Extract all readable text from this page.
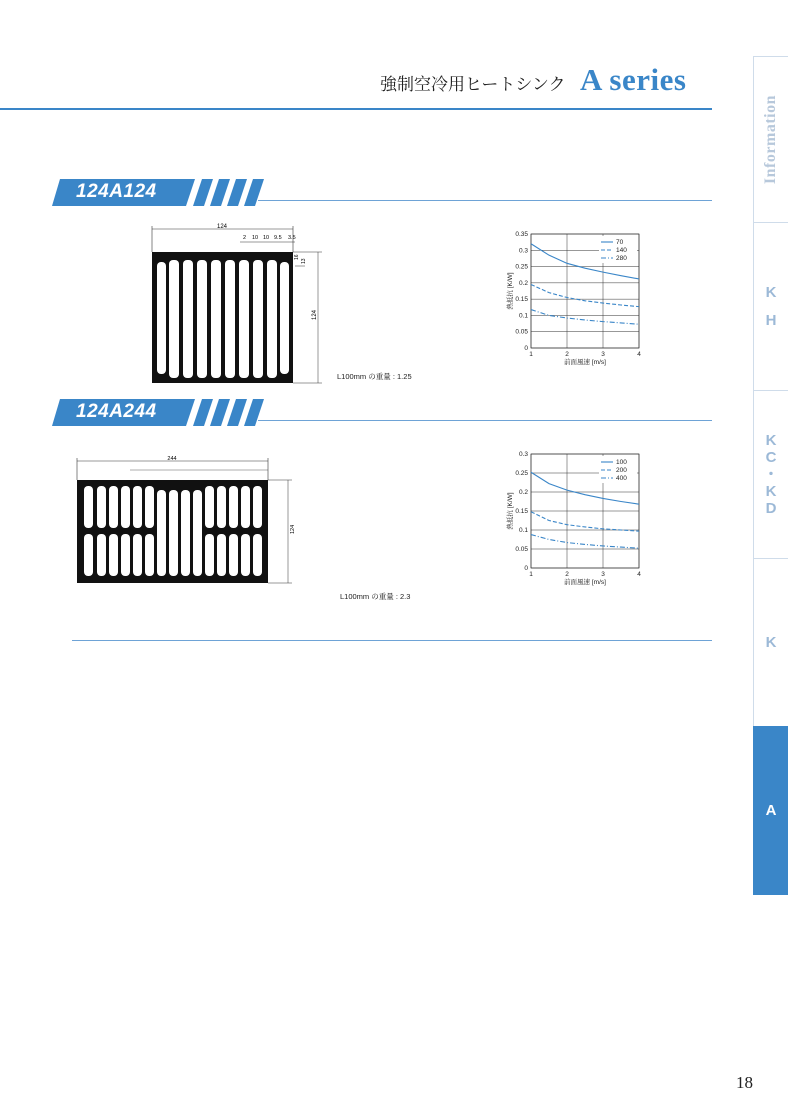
強制空冷用ヒートシンク A series
Information
K
H
K
C
・
K
D
K
A
124A124
124
2 10 10 9.5 3.5
124
16
13
L100mm の重量 : 1.25
0
0.05
0.1
0.15
0.2
0.25
0.3
0.35
1	2	3	4
前面風速 [m/s]
熱抵抗 [K/W]
70
140
280
124A244
244
124
L100mm の重量 : 2.3
0
0.05
0.1
0.15
0.2
0.25
0.3
1	2	3	4
前面風速 [m/s]
熱抵抗 [K/W]
100
200
400
18
